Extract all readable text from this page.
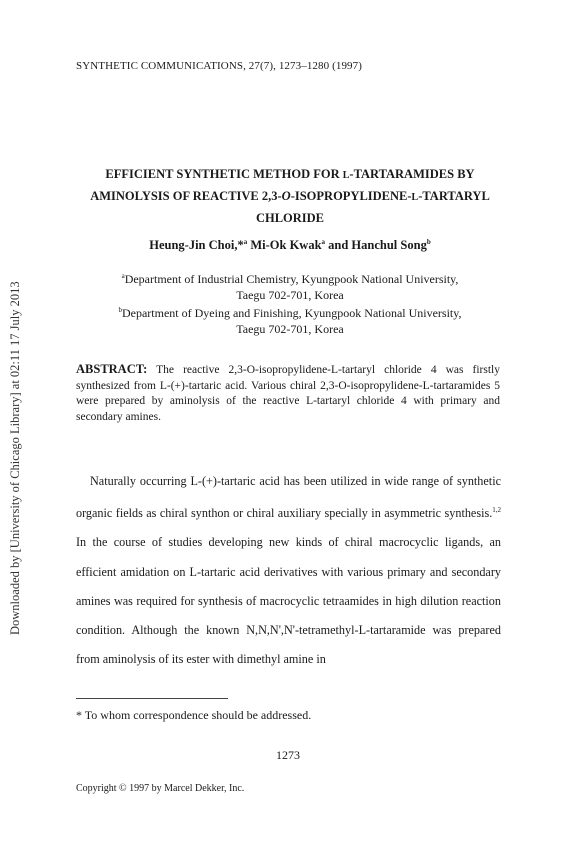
SYNTHETIC COMMUNICATIONS, 27(7), 1273–1280 (1997)
Downloaded by [University of Chicago Library] at 02:11 17 July 2013
EFFICIENT SYNTHETIC METHOD FOR L-TARTARAMIDES BY
AMINOLYSIS OF REACTIVE 2,3-O-ISOPROPYLIDENE-L-TARTARYL
CHLORIDE
Heung-Jin Choi,*$^a$ Mi-Ok Kwak$^a$ and Hanchul Song$^b$
$^a$Department of Industrial Chemistry, Kyungpook National University,
Taegu 702-701, Korea
$^b$Department of Dyeing and Finishing, Kyungpook National University,
Taegu 702-701, Korea
ABSTRACT: The reactive 2,3-O-isopropylidene-L-tartaryl chloride 4 was firstly synthesized from L-(+)-tartaric acid. Various chiral 2,3-O-isopropylidene-L-tartaramides 5 were prepared by aminolysis of the reactive L-tartaryl chloride 4 with primary and secondary amines.
Naturally occurring L-(+)-tartaric acid has been utilized in wide range of synthetic organic fields as chiral synthon or chiral auxiliary specially in asymmetric synthesis.$^{1,2}$ In the course of studies developing new kinds of chiral macrocyclic ligands, an efficient amidation on L-tartaric acid derivatives with various primary and secondary amines was required for synthesis of macrocyclic tetraamides in high dilution reaction condition. Although the known N,N,N',N'-tetramethyl-L-tartaramide was prepared from aminolysis of its ester with dimethyl amine in
* To whom correspondence should be addressed.
1273
Copyright © 1997 by Marcel Dekker, Inc.
